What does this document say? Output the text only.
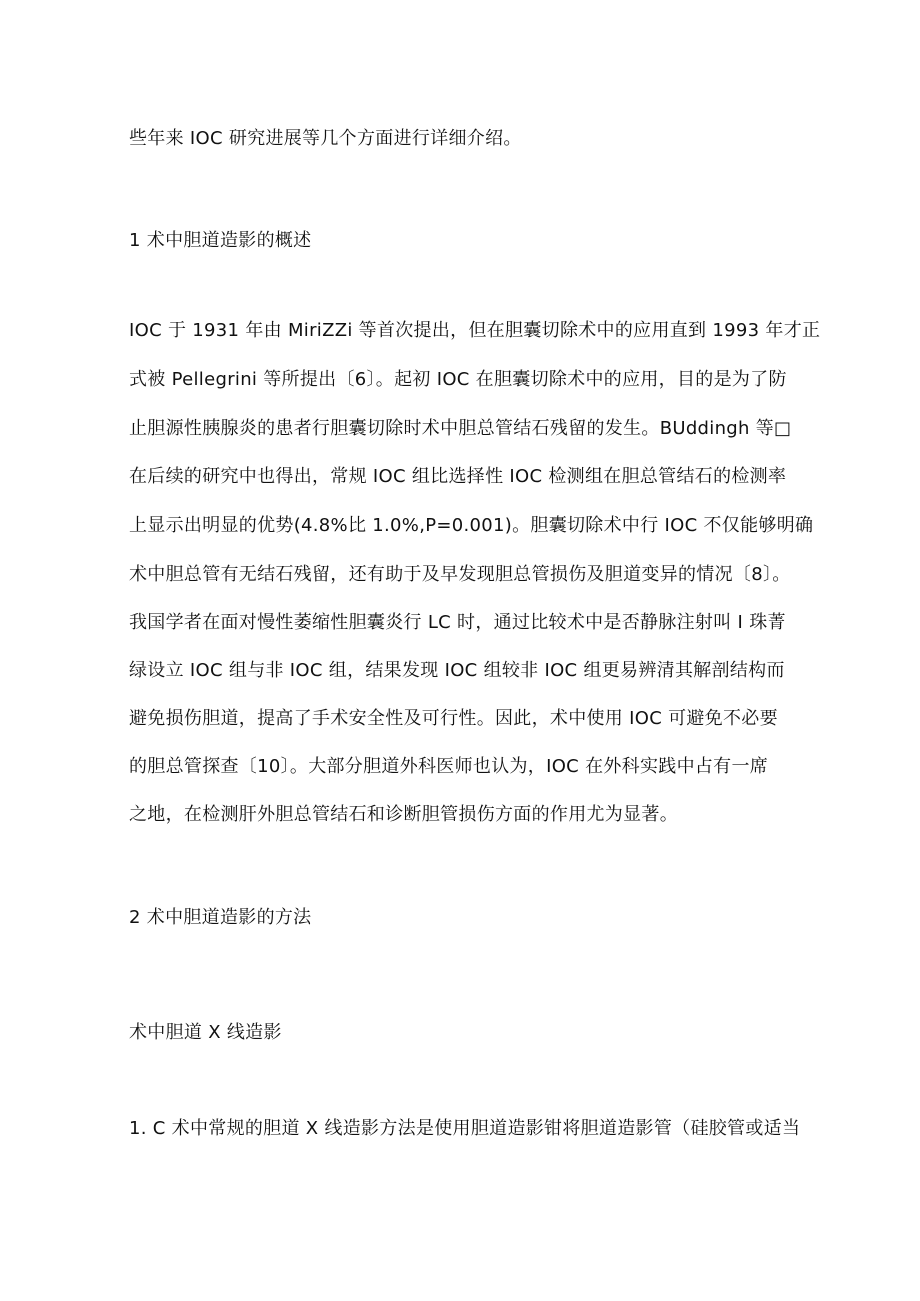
些年来 IOC 研究进展等几个方面进行详细介绍。

1 术中胆道造影的概述

IOC 于 1931 年由 MiriZZi 等首次提出，但在胆囊切除术中的应用直到 1993 年才正

式被 Pellegrini 等所提出〔6〕。起初 IOC 在胆囊切除术中的应用，目的是为了防

止胆源性胰腺炎的患者行胆囊切除时术中胆总管结石残留的发生。BUddingh 等□

在后续的研究中也得出，常规 IOC 组比选择性 IOC 检测组在胆总管结石的检测率

上显示出明显的优势(4.8%比 1.0%,P=0.001)。胆囊切除术中行 IOC 不仅能够明确

术中胆总管有无结石残留，还有助于及早发现胆总管损伤及胆道变异的情况〔8〕。

我国学者在面对慢性萎缩性胆囊炎行 LC 时，通过比较术中是否静脉注射叫 I 珠菁

绿设立 IOC 组与非 IOC 组，结果发现 IOC 组较非 IOC 组更易辨清其解剖结构而

避免损伤胆道，提高了手术安全性及可行性。因此，术中使用 IOC 可避免不必要

的胆总管探查〔10〕。大部分胆道外科医师也认为，IOC 在外科实践中占有一席

之地，在检测肝外胆总管结石和诊断胆管损伤方面的作用尤为显著。

2 术中胆道造影的方法

术中胆道 X 线造影

1. C 术中常规的胆道 X 线造影方法是使用胆道造影钳将胆道造影管（硅胶管或适当
